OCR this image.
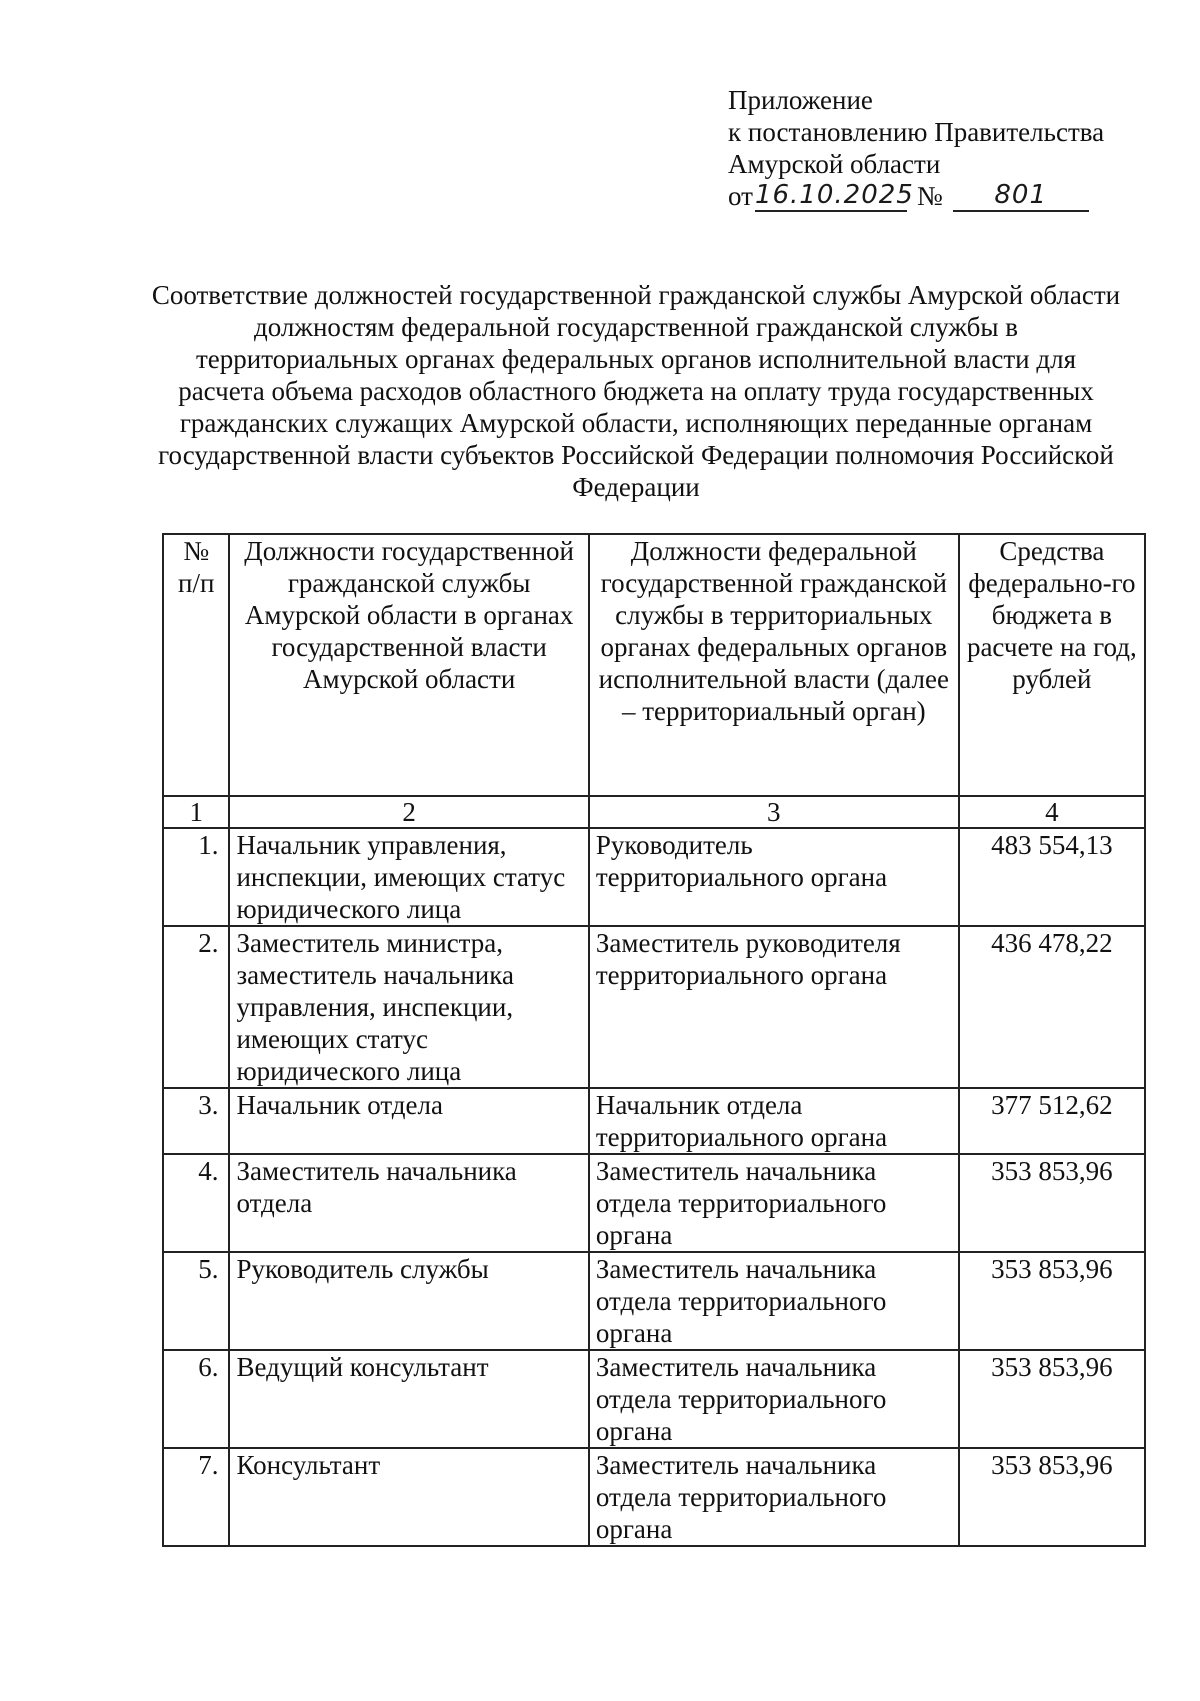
Приложение
к постановлению Правительства
Амурской области
от 16.10.2025 №	801
Соответствие должностей государственной гражданской службы Амурской области должностям федеральной государственной гражданской службы в территориальных органах федеральных органов исполнительной власти для расчета объема расходов областного бюджета на оплату труда государственных гражданских служащих Амурской области, исполняющих переданные органам государственной власти субъектов Российской Федерации полномочия Российской Федерации
№ п/п	Должности государственной гражданской службы Амурской области в органах государственной власти Амурской области	Должности федеральной государственной гражданской службы в территориальных органах федеральных органов исполнительной власти (далее – территориальный орган)	Средства федерально-го бюджета в расчете на год, рублей
1	2	3	4
1.	Начальник управления, инспекции, имеющих статус юридического лица	Руководитель территориального органа	483 554,13
2.	Заместитель министра, заместитель начальника управления, инспекции, имеющих статус юридического лица	Заместитель руководителя территориального органа	436 478,22
3.	Начальник отдела	Начальник отдела территориального органа	377 512,62
4.	Заместитель начальника отдела	Заместитель начальника отдела территориального органа	353 853,96
5.	Руководитель службы	Заместитель начальника отдела территориального органа	353 853,96
6.	Ведущий консультант	Заместитель начальника отдела территориального органа	353 853,96
7.	Консультант	Заместитель начальника отдела территориального органа	353 853,96
